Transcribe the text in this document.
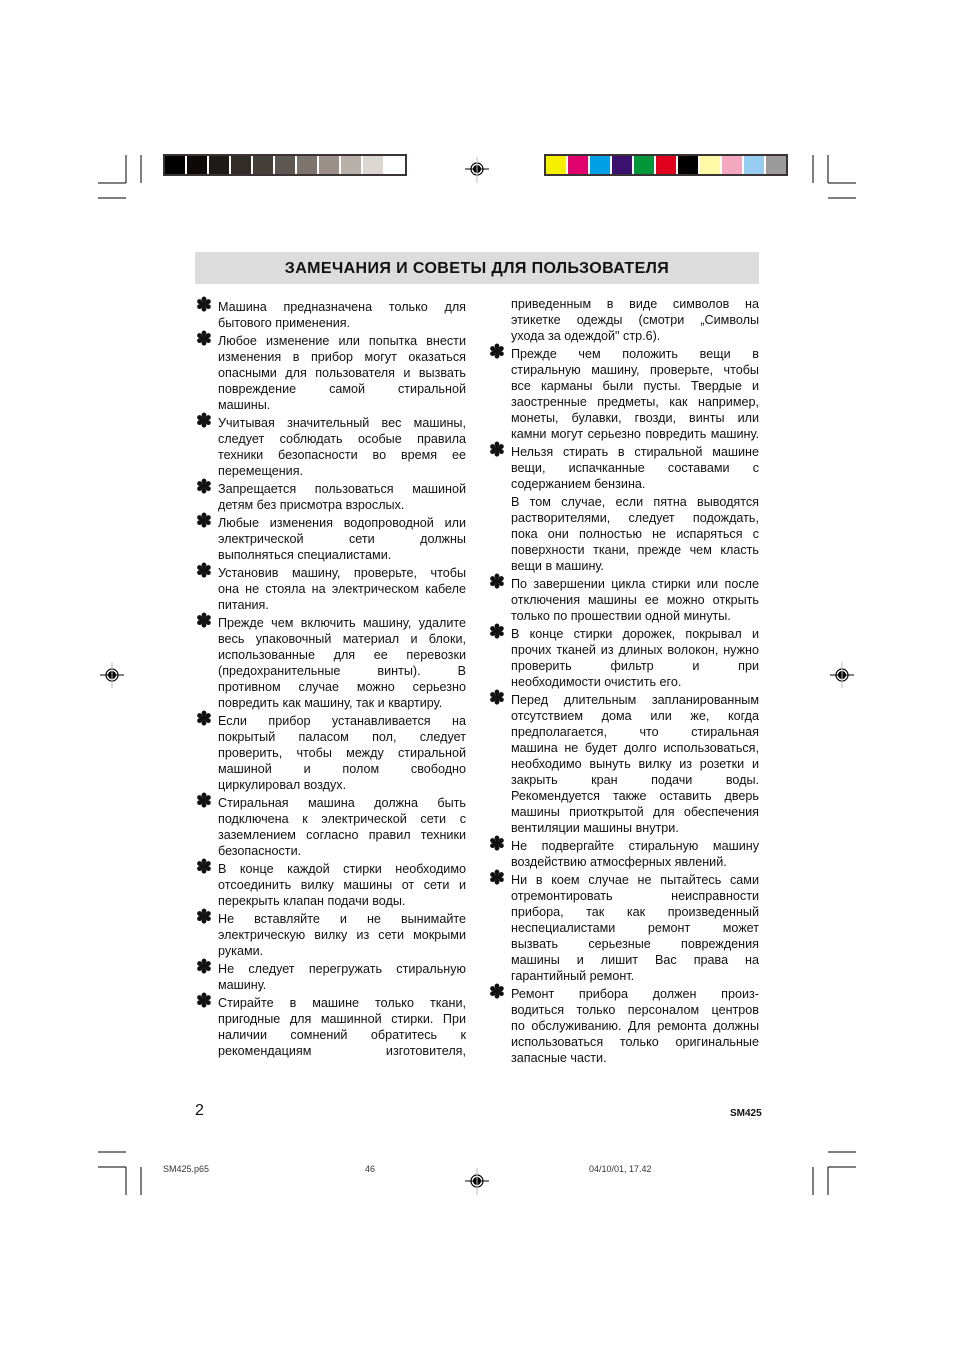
ЗАМЕЧАНИЯ И СОВЕТЫ ДЛЯ ПОЛЬЗОВАТЕЛЯ
✽ Машина предназначена только для
бытового применения.
✽ Любое изменение или попытка внести
изменения в прибор могут оказаться
опасными для пользователя и вызвать
повреждение самой стиральной
машины.
✽ Учитывая значительный вес машины,
следует соблюдать особые правила
техники безопасности во время ее
перемещения.
✽ Запрещается пользоваться машиной
детям без присмотра взрослых.
✽ Любые изменения водопроводной или
электрической сети должны
выполняться специалистами.
✽ Установив машину, проверьте, чтобы
она не стояла на электрическом кабеле
питания.
✽ Прежде чем включить машину, удалите
весь упаковочный материал и блоки,
использованные для ее перевозки
(предохранительные винты). В
противном случае можно серьезно
повредить как машину, так и квартиру.
✽ Если прибор устанавливается на
покрытый паласом пол, следует
проверить, чтобы между стиральной
машиной и полом свободно
циркулировал воздух.
✽ Стиральная машина должна быть
подключена к электрической сети с
заземлением согласно правил техники
безопасности.
✽ В конце каждой стирки необходимо
отсоединить вилку машины от сети и
перекрыть клапан подачи воды.
✽ Не вставляйте и не вынимайте
электрическую вилку из сети мокрыми
руками.
✽ Не следует перегружать стиральную
машину.
✽ Стирайте в машине только ткани,
пригодные для машинной стирки. При
наличии сомнений обратитесь к
рекомендациям изготовителя,
приведенным в виде символов на
этикетке одежды (смотри „Символы
ухода за одеждой" стр.6).
✽ Прежде чем положить вещи в
стиральную машину, проверьте, чтобы
все карманы были пусты. Твердые и
заостренные предметы, как например,
монеты, булавки, гвозди, винты или
камни могут серьезно повредить машину.
✽ Нельзя стирать в стиральной машине
вещи, испачканные составами с
содержанием бензина.
В том случае, если пятна выводятся
растворителями, следует подождать,
пока они полностью не испаряться с
поверхности ткани, прежде чем класть
вещи в машину.
✽ По завершении цикла стирки или после
отключения машины ее можно открыть
только по прошествии одной минуты.
✽ В конце стирки дорожек, покрывал и
прочих тканей из длиных волокон, нужно
проверить фильтр и при
необходимости очистить его.
✽ Перед длительным запланированным
отсутствием дома или же, когда
предполагается, что стиральная
машина не будет долго использоваться,
необходимо вынуть вилку из розетки и
закрыть кран подачи воды.
Рекомендуется также оставить дверь
машины приоткрытой для обеспечения
вентиляции машины внутри.
✽ Не подвергайте стиральную машину
воздействию атмосферных явлений.
✽ Ни в коем случае не пытайтесь сами
отремонтировать неисправности
прибора, так как произведенный
неспециалистами ремонт может
вызвать серьезные повреждения
машины и лишит Вас права на
гарантийный ремонт.
✽ Ремонт прибора должен произ-
водиться только персоналом центров
по обслуживанию. Для ремонта должны
использоваться только оригинальные
запасные части.
2	SM425
SM425.p65	46	04/10/01, 17.42
